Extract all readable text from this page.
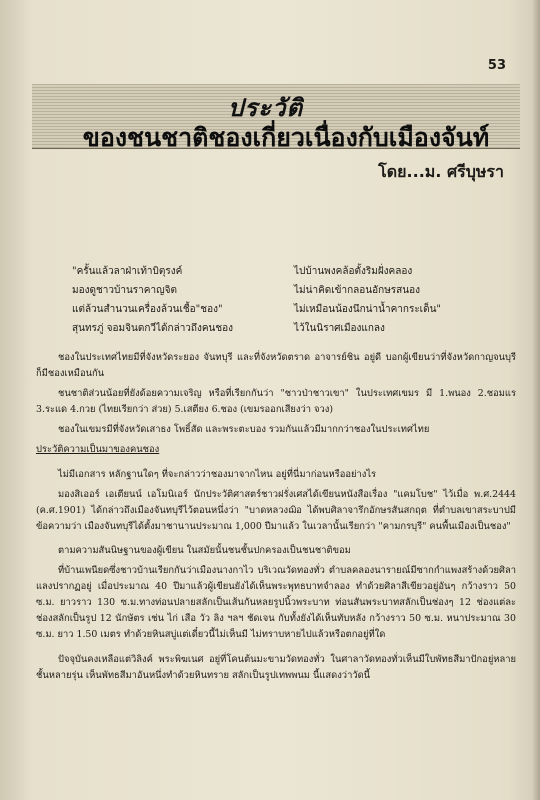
53
ประวัติ
ของชนชาติชองเกี่ยวเนื่องกับเมืองจันท์
โดย...ม. ศรีบุษรา
"ครั้นแล้วลาฝ่าเท้าบิตุรงค์
มองดูชาวบ้านราคาญจิต
แต่ล้วนสำนวนเครื่องล้วนเชื้อ"ชอง"
สุนทรภู่ จอมจินดกวีได้กล่าวถึงคนชอง
ไปบ้านพงคล้อตั้งริมฝั่งคลอง
ไม่น่าคิดเข้ากลอนอักษรสนอง
ไม่เหมือนน้องนึกน่าน้ำคากระเด็น"
ไว้ในนิราศเมืองแกลง

ชองในประเทศไทยมีที่จังหวัดระยอง จันทบุรี และที่จังหวัดตราด อาจารย์ชิน อยู่ดี บอกผู้เขียนว่าที่จังหวัดกาญจนบุรี ก็มีชองเหมือนกัน

ชนชาติส่วนน้อยที่ยังด้อยความเจริญ หรือที่เรียกกันว่า "ชาวป่าชาวเขา" ในประเทศเขมร มี 1.พนอง 2.ชอมแร 3.ระแด 4.กวย (ไทยเรียกว่า ส่วย) 5.เสตียง 6.ชอง (เขมรออกเสียงว่า จวง)

ชองในเขมรมีที่จังหวัดเสาธง โพธิ์สัด และพระตะบอง รวมกันแล้วมีมากกว่าชองในประเทศไทย

ประวัติความเป็นมาของคนชอง

ไม่มีเอกสาร หลักฐานใดๆ ที่จะกล่าวว่าชองมาจากไหน อยู่ที่นี่มาก่อนหรืออย่างไร

มองสิเออร์ เอเตียนน์ เอโมนิเอร์ นักประวัติศาสตร์ชาวฝรั่งเศสได้เขียนหนังสือเรื่อง "แคมโบช" ไว้เมื่อ พ.ศ.2444 (ค.ศ.1901) ได้กล่าวถึงเมืองจันทบุรีไว้ตอนหนึ่งว่า "บาดหลวงฌิอ ได้พบศิลาจารึกอักษรสันสกฤต ที่ตำบลเขาสระบาปมีข้อความว่า เมืองจันทบุรีได้ตั้งมาชานานประมาณ 1,000 ปีมาแล้ว ในเวลานั้นเรียกว่า "คามกรบุรี" คนพื้นเมืองเป็นชอง"

ตามความสันนิษฐานของผู้เขียน ในสมัยนั้นชนชั้นปกครองเป็นชนชาติขอม

ที่บ้านเพนียดซึ่งชาวบ้านเรียกกันว่าเมืองนางกาไว บริเวณวัดทองทั่ว ตำบลคลองนารายณ์มีซากกำแพงสร้างด้วยศิลาแลงปรากฏอยู่ เมื่อประมาณ 40 ปีมาแล้วผู้เขียนยังได้เห็นพระพุทธบาทจำลอง ทำด้วยศิลาสีเขียวอยู่อันๆ กว้างราว 50 ซ.ม. ยาวราว 130 ซ.ม.ทางท่อนปลายสลักเป็นเส้นกันหลยรูปนิ้วพระบาท ท่อนสันพระบาทสลักเป็นช่องๆ 12 ช่องแต่ละช่องสลักเป็นรูป 12 นักษัตร เช่น ไก่ เสือ วัว ลิง ฯลฯ ชัดเจน กับทั้งยังได้เห็นทับหลัง กว้างราว 50 ซ.ม. หนาประมาณ 30 ซ.ม. ยาว 1.50 เมตร ทำด้วยหินสบู่แต่เดี๋ยวนี้ไม่เห็นมี ไม่ทราบหายไปแล้วหรือตกอยู่ที่ใด

ปัจจุบันคงเหลือแต่วิลิงค์ พระพิฆเนศ อยู่ที่โคนต้นมะขามวัดทองทั่ว ในศาลาวัดทองทั่วเห็นมีใบพัทธสีมาปักอยู่หลายชั้นหลายรุ่น เห็นพัทธสีมาอันหนึ่งทำด้วยหินทราย สลักเป็นรูปเทพพนม นี้แสดงว่าวัดนี้
